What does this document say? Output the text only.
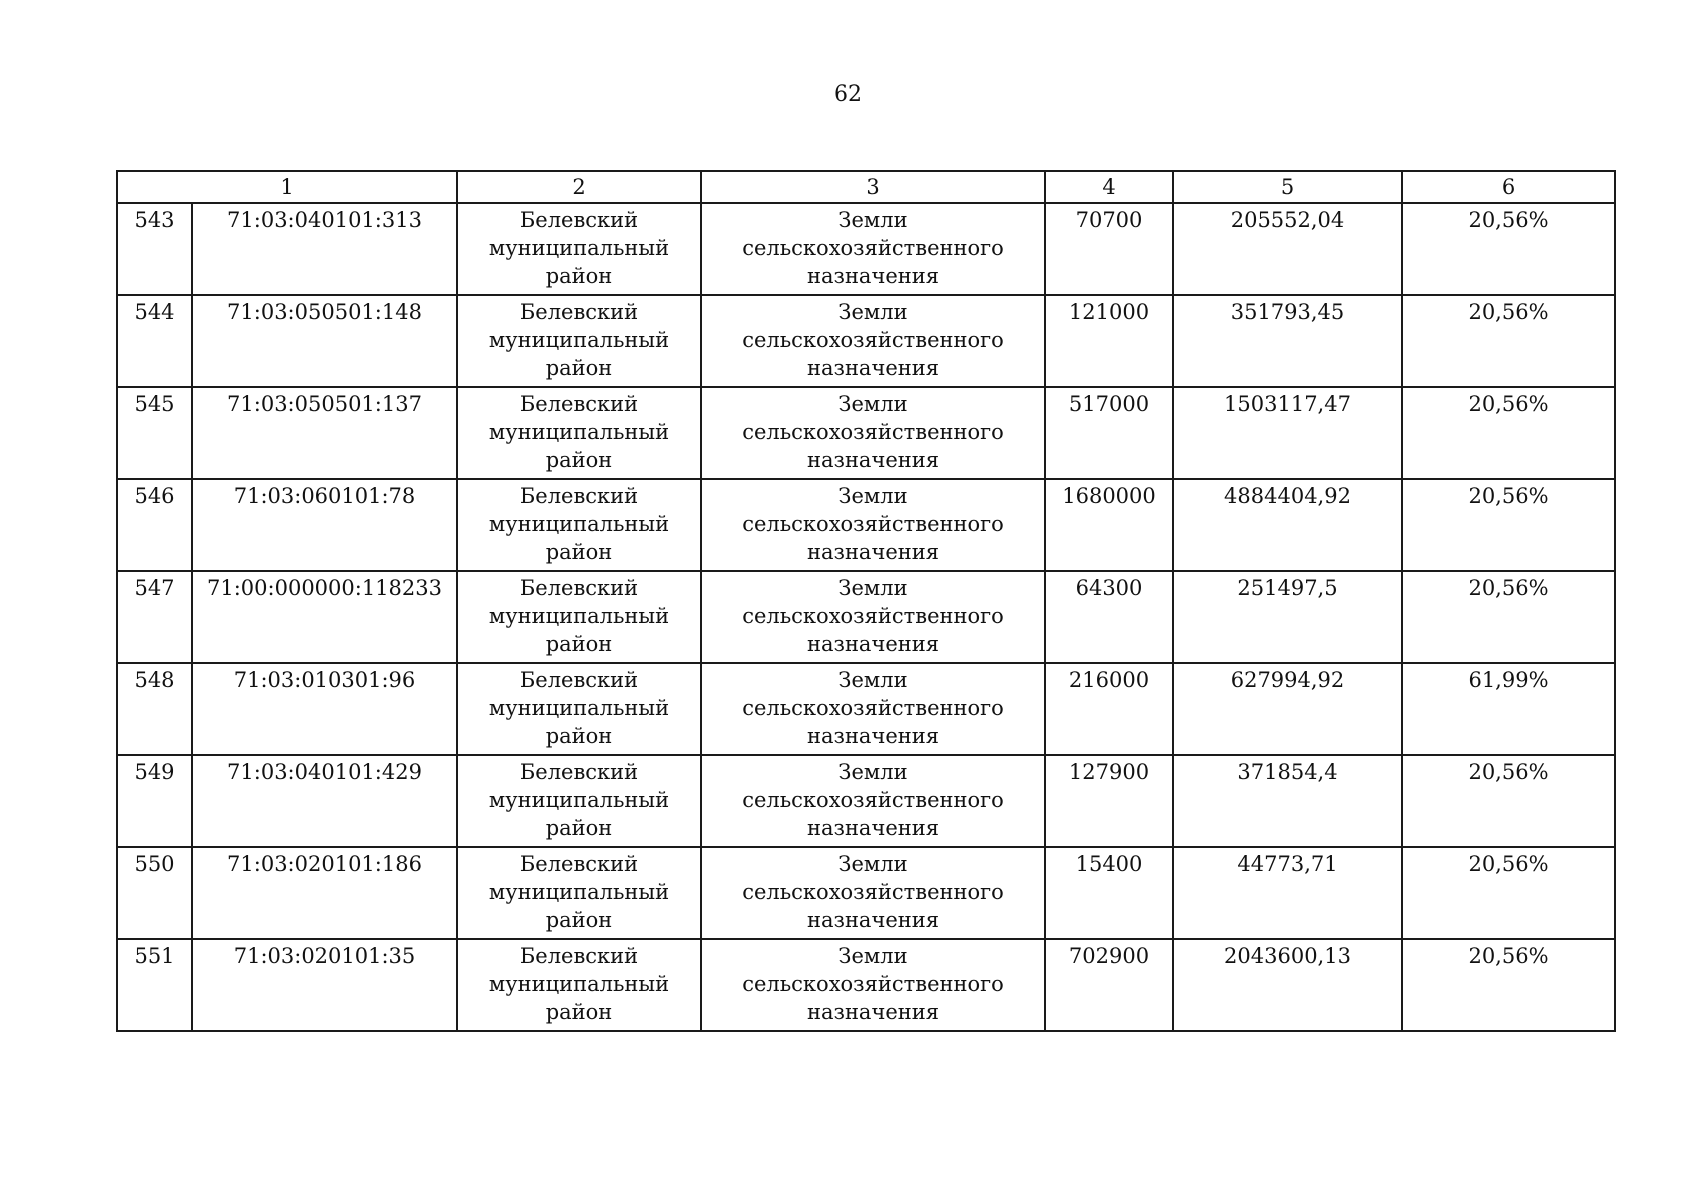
62
1		2	3	4	5	6
543	71:03:040101:313	Белевский муниципальный район	Земли сельскохозяйственного назначения	70700	205552,04	20,56%
544	71:03:050501:148	Белевский муниципальный район	Земли сельскохозяйственного назначения	121000	351793,45	20,56%
545	71:03:050501:137	Белевский муниципальный район	Земли сельскохозяйственного назначения	517000	1503117,47	20,56%
546	71:03:060101:78	Белевский муниципальный район	Земли сельскохозяйственного назначения	1680000	4884404,92	20,56%
547	71:00:000000:118233	Белевский муниципальный район	Земли сельскохозяйственного назначения	64300	251497,5	20,56%
548	71:03:010301:96	Белевский муниципальный район	Земли сельскохозяйственного назначения	216000	627994,92	61,99%
549	71:03:040101:429	Белевский муниципальный район	Земли сельскохозяйственного назначения	127900	371854,4	20,56%
550	71:03:020101:186	Белевский муниципальный район	Земли сельскохозяйственного назначения	15400	44773,71	20,56%
551	71:03:020101:35	Белевский муниципальный район	Земли сельскохозяйственного назначения	702900	2043600,13	20,56%
